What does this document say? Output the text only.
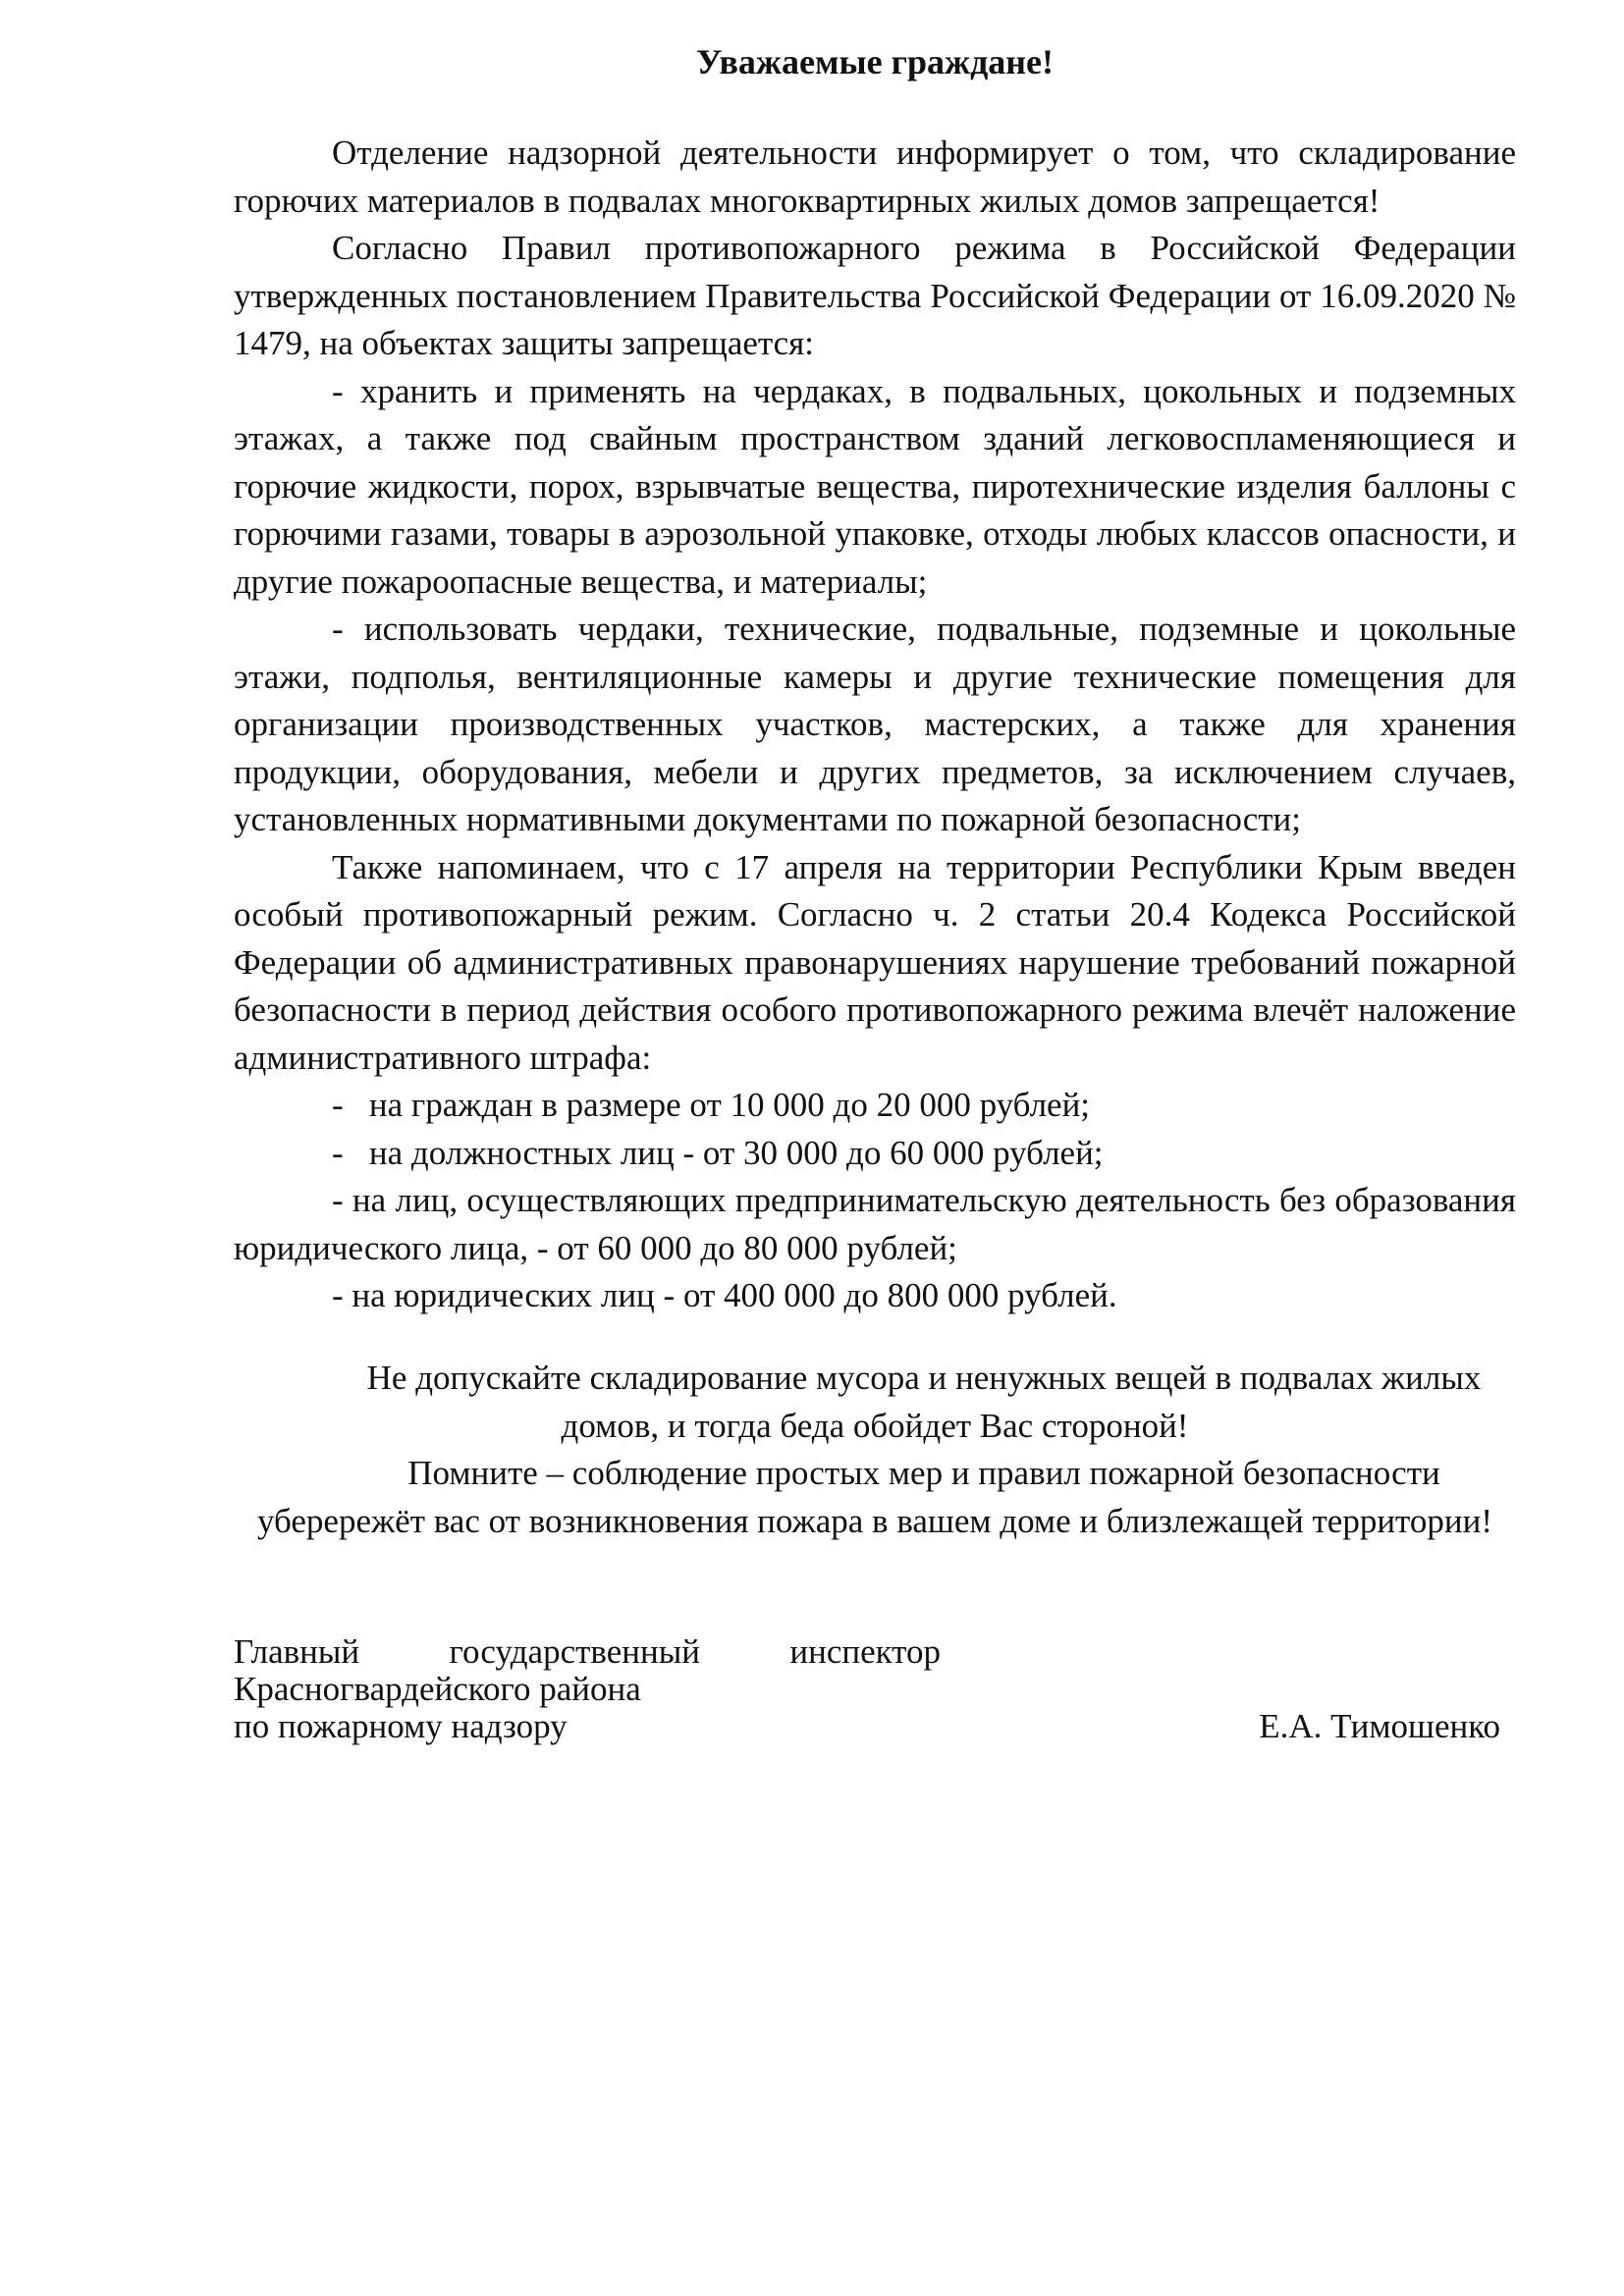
Уважаемые граждане!

Отделение надзорной деятельности информирует о том, что складирование горючих материалов в подвалах многоквартирных жилых домов запрещается!

Согласно Правил противопожарного режима в Российской Федерации утвержденных постановлением Правительства Российской Федерации от 16.09.2020 № 1479, на объектах защиты запрещается:

- хранить и применять на чердаках, в подвальных, цокольных и подземных этажах, а также под свайным пространством зданий легковоспламеняющиеся и горючие жидкости, порох, взрывчатые вещества, пиротехнические изделия баллоны с горючими газами, товары в аэрозольной упаковке, отходы любых классов опасности, и другие пожароопасные вещества, и материалы;

- использовать чердаки, технические, подвальные, подземные и цокольные этажи, подполья, вентиляционные камеры и другие технические помещения для организации производственных участков, мастерских, а также для хранения продукции, оборудования, мебели и других предметов, за исключением случаев, установленных нормативными документами по пожарной безопасности;

Также напоминаем, что с 17 апреля на территории Республики Крым введен особый противопожарный режим. Согласно ч. 2 статьи 20.4 Кодекса Российской Федерации об административных правонарушениях нарушение требований пожарной безопасности в период действия особого противопожарного режима влечёт наложение административного штрафа:

-   на граждан в размере от 10 000 до 20 000 рублей;

-   на должностных лиц - от 30 000 до 60 000 рублей;

- на лиц, осуществляющих предпринимательскую деятельность без образования юридического лица, - от 60 000 до 80 000 рублей;

- на юридических лиц - от 400 000 до 800 000 рублей.

Не допускайте складирование мусора и ненужных вещей в подвалах жилых домов, и тогда беда обойдет Вас стороной!

Помните – соблюдение простых мер и правил пожарной безопасности уберережёт вас от возникновения пожара в вашем доме и близлежащей территории!

Главный	государственный	инспектор
Красногвардейского района
по пожарному надзору	Е.А. Тимошенко
